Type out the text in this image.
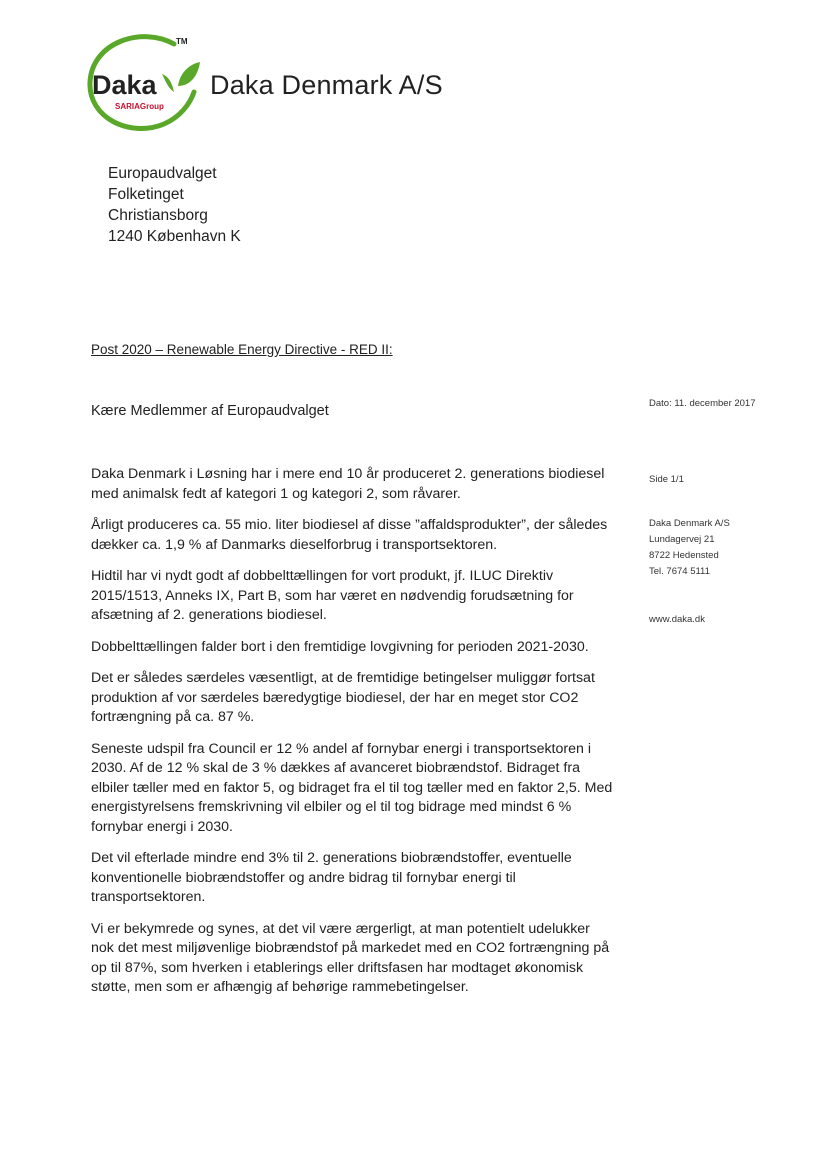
Daka
SARIAGroup
TM
Daka Denmark A/S
Europaudvalget
Folketinget
Christiansborg
1240 København K
Post 2020 – Renewable Energy Directive - RED II:
Kære Medlemmer af Europaudvalget

Daka Denmark i Løsning har i mere end 10 år produceret 2. generations biodiesel med animalsk fedt af kategori 1 og kategori 2, som råvarer.

Årligt produceres ca. 55 mio. liter biodiesel af disse ”affaldsprodukter”, der således dækker ca. 1,9 % af Danmarks dieselforbrug i transportsektoren.

Hidtil har vi nydt godt af dobbelttællingen for vort produkt, jf. ILUC Direktiv 2015/1513, Anneks IX, Part B, som har været en nødvendig forudsætning for afsætning af 2. generations biodiesel.

Dobbelttællingen falder bort i den fremtidige lovgivning for perioden 2021-2030.

Det er således særdeles væsentligt, at de fremtidige betingelser muliggør fortsat produktion af vor særdeles bæredygtige biodiesel, der har en meget stor CO2 fortrængning på ca. 87 %.

Seneste udspil fra Council er 12 % andel af fornybar energi i transportsektoren i 2030. Af de 12 % skal de 3 % dækkes af avanceret biobrændstof. Bidraget fra elbiler tæller med en faktor 5, og bidraget fra el til tog tæller med en faktor 2,5. Med energistyrelsens fremskrivning vil elbiler og el til tog bidrage med mindst 6 % fornybar energi i 2030.

Det vil efterlade mindre end 3% til 2. generations biobrændstoffer, eventuelle konventionelle biobrændstoffer og andre bidrag til fornybar energi til transportsektoren.

Vi er bekymrede og synes, at det vil være ærgerligt, at man potentielt udelukker nok det mest miljøvenlige biobrændstof på markedet med en CO2 fortrængning på op til 87%, som hverken i etablerings eller driftsfasen har modtaget økonomisk støtte, men som er afhængig af behørige rammebetingelser.

Dato: 11. december 2017
Side 1/1
Daka Denmark A/S
Lundagervej 21
8722 Hedensted
Tel. 7674 5111
www.daka.dk
